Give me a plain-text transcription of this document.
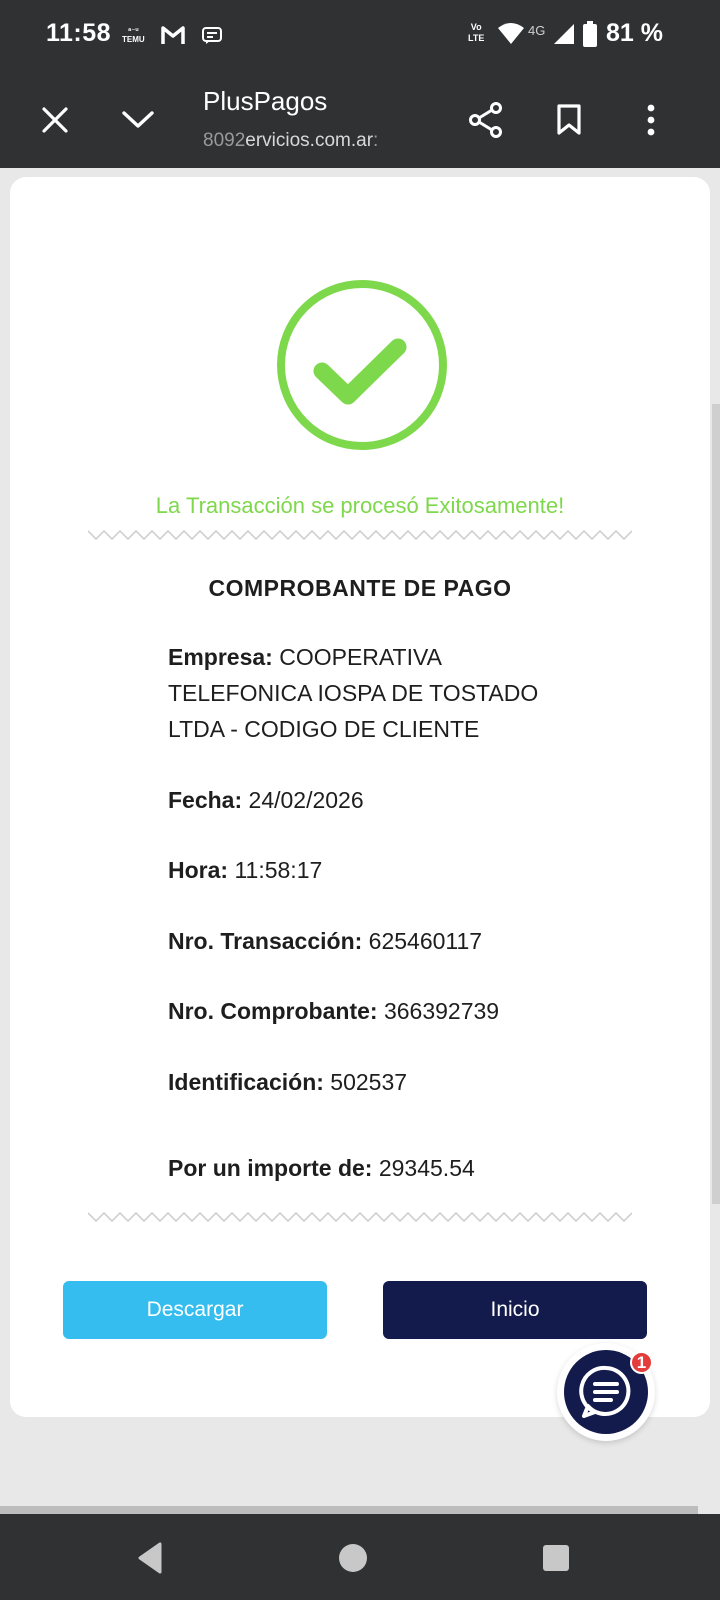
11:58	ᵃ⁻ᵘ
TEMU
Vo
LTE	4G 81 %
PlusPagos
:8092ervicios.com.ar
La Transacción se procesó Exitosamente!
COMPROBANTE DE PAGO
Empresa: COOPERATIVA TELEFONICA IOSPA DE TOSTADO LTDA - CODIGO DE CLIENTE
Fecha: 24/02/2026
Hora: 11:58:17
Nro. Transacción: 625460117
Nro. Comprobante: 366392739
Identificación: 502537
Por un importe de: 29345.54
Descargar	Inicio
1
